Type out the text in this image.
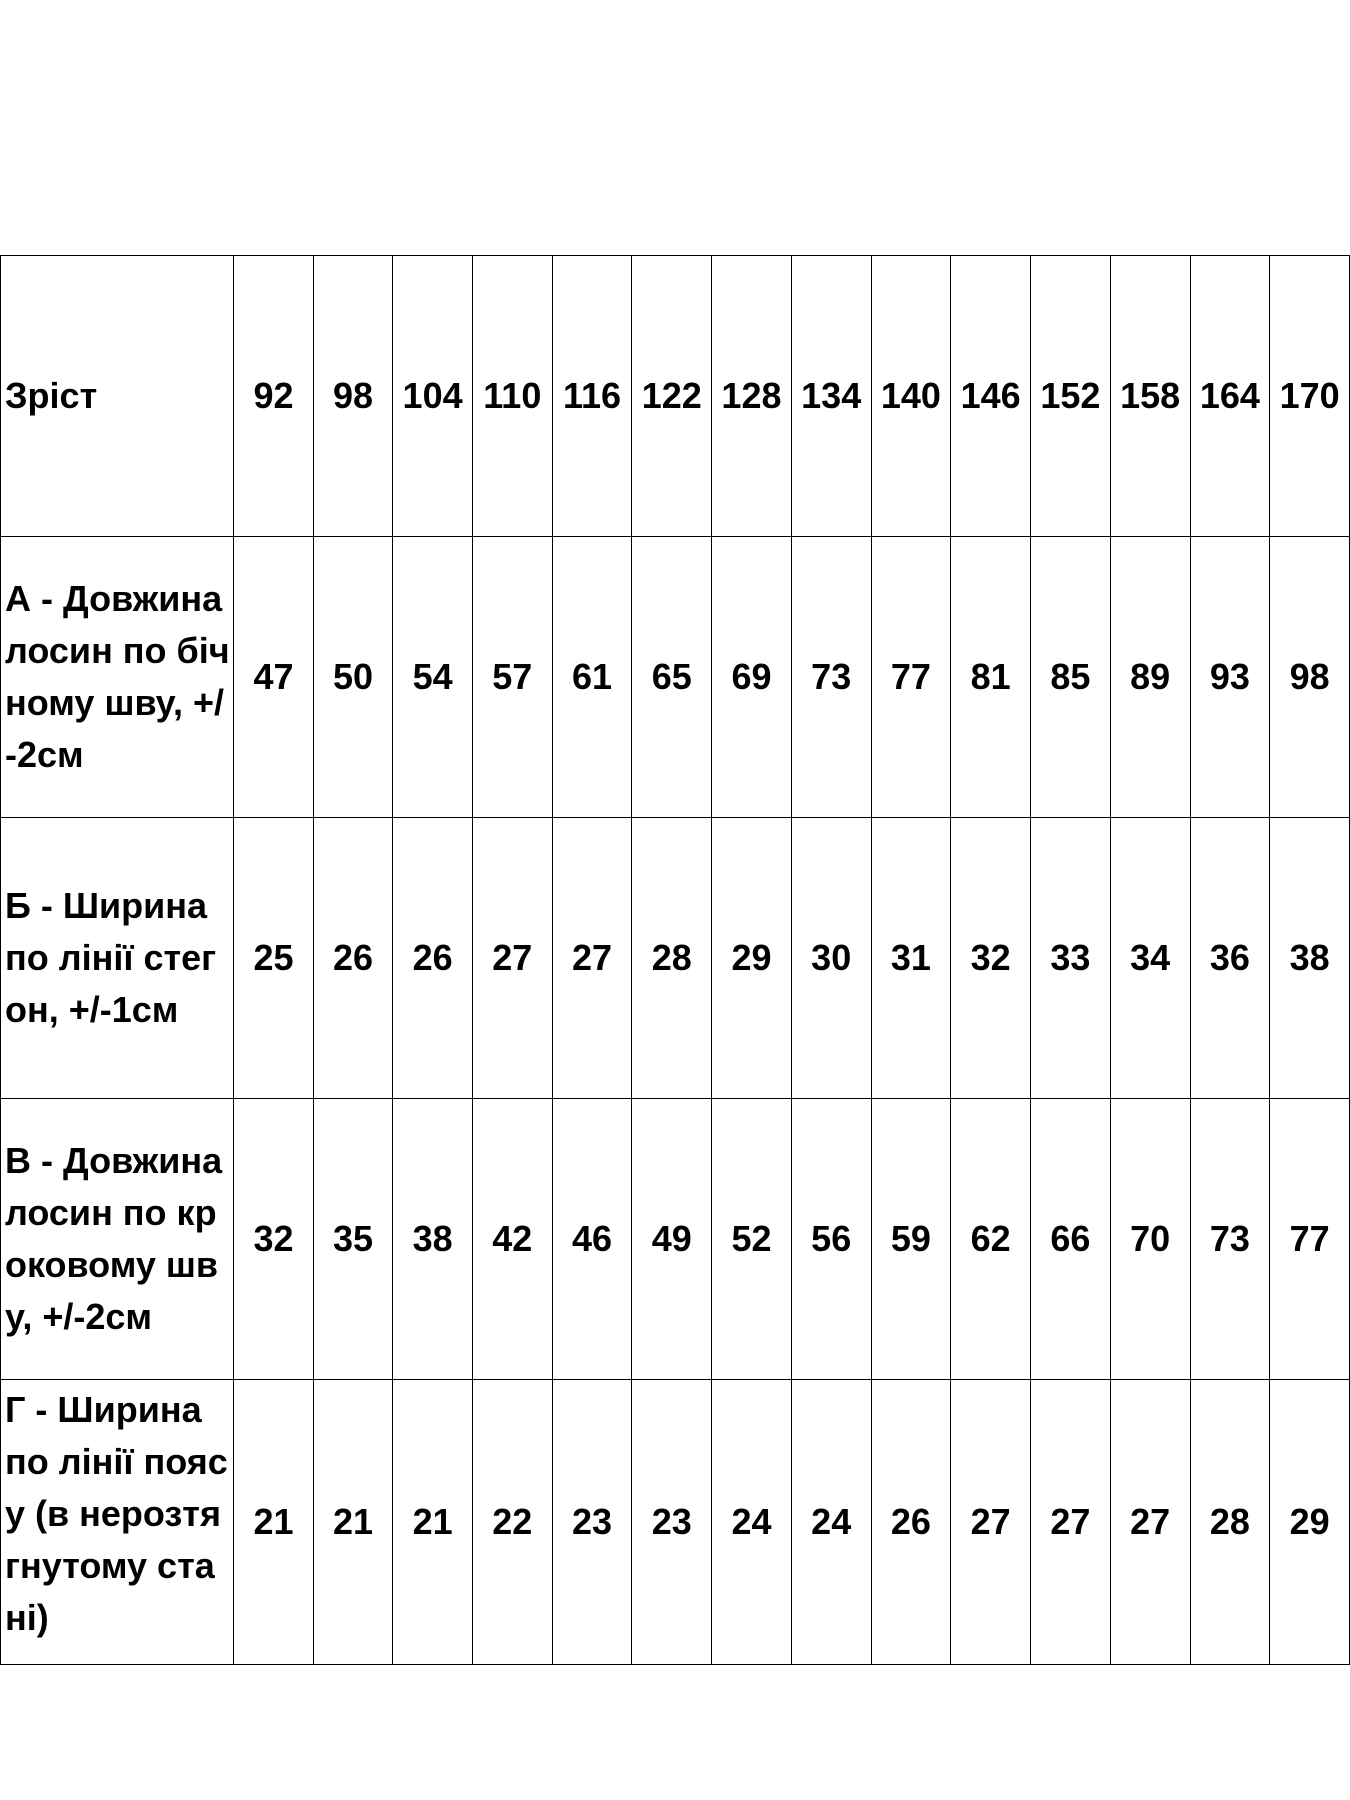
Зріст	92	98	104	110	116	122	128	134	140	146	152	158	164	170
А - Довжина лосин по бічному шву, +/-2см	47	50	54	57	61	65	69	73	77	81	85	89	93	98
Б - Ширина по лінії стегон, +/-1см	25	26	26	27	27	28	29	30	31	32	33	34	36	38
В - Довжина лосин по кроковому шву, +/-2см	32	35	38	42	46	49	52	56	59	62	66	70	73	77

Г - Ширина по лінії поясу (в нерозтягнутому стані)	21	21	21	22	23	23	24	24	26	27	27	27	28	29
